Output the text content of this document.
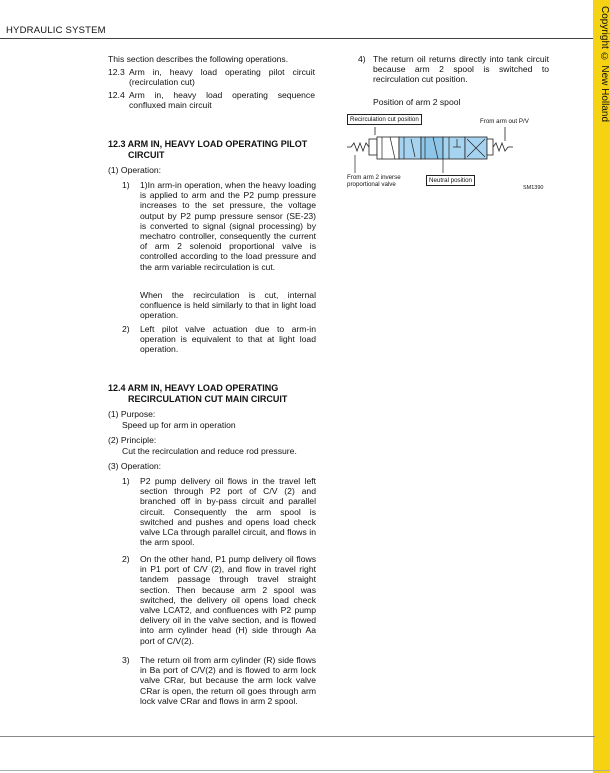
HYDRAULIC SYSTEM	Copyright © New Holland
This section describes the following operations.
12.3 Arm in, heavy load operating pilot circuit (recirculation cut)
12.4 Arm in, heavy load operating sequence confluxed main circuit
12.3 ARM IN, HEAVY LOAD OPERATING PILOT
CIRCUIT
(1) Operation:
1) 1)In arm-in operation, when the heavy loading is applied to arm and the P2 pump pressure increases to the set pressure, the voltage output by P2 pump pressure sensor (SE-23) is converted to signal (signal processing) by mechatro controller, consequently the current of arm 2 solenoid proportional valve is controlled according to the load pressure and the arm variable recirculation is cut.
When the recirculation is cut, internal confluence is held similarly to that in light load operation.
2) Left pilot valve actuation due to arm-in operation is equivalent to that at light load operation.
12.4 ARM IN, HEAVY LOAD OPERATING
RECIRCULATION CUT MAIN CIRCUIT
(1) Purpose:
Speed up for arm in operation
(2) Principle:
Cut the recirculation and reduce rod pressure.
(3) Operation:
1) P2 pump delivery oil flows in the travel left section through P2 port of C/V (2) and branched off in by-pass circuit and parallel circuit. Consequently the arm spool is switched and pushes and opens load check valve LCa through parallel circuit, and flows in the arm spool.
2) On the other hand, P1 pump delivery oil flows in P1 port of C/V (2), and flow in travel right tandem passage through travel straight section. Then because arm 2 spool was switched, the delivery oil opens load check valve LCAT2, and confluences with P2 pump delivery oil in the valve section, and is flowed into arm cylinder head (H) side through Aa port of C/V(2).
3) The return oil from arm cylinder (R) side flows in Ba port of C/V(2) and is flowed to arm lock valve CRar, but because the arm lock valve CRar is open, the return oil goes through arm lock valve CRar and flows in arm 2 spool.
4) The return oil returns directly into tank circuit because arm 2 spool is switched to recirculation cut position.
Position of arm 2 spool
Recirculation cut position	From arm out P/V
From arm 2 inverse
proportional valve
Neutral position
SM1390
